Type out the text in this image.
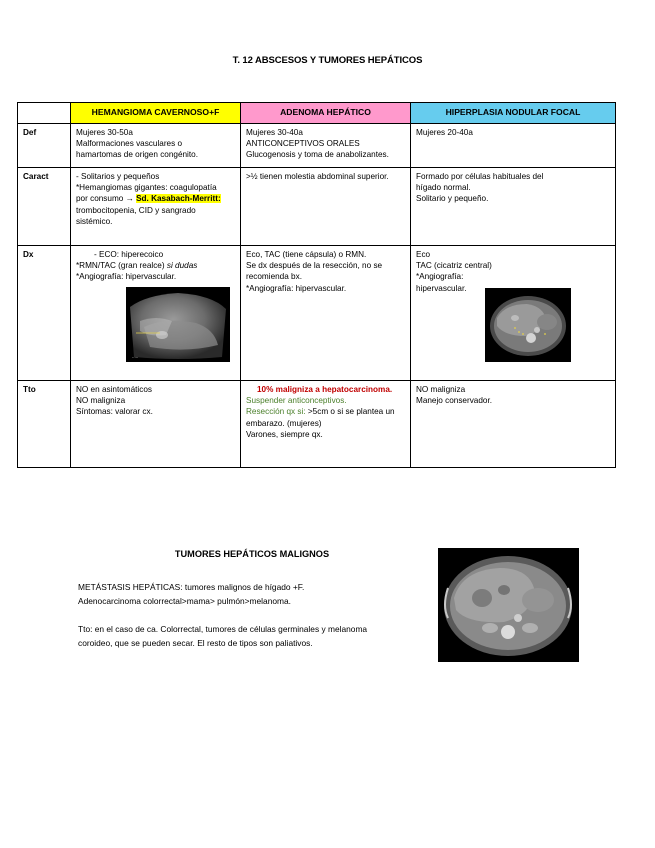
T. 12 ABSCESOS Y TUMORES HEPÁTICOS
	HEMANGIOMA CAVERNOSO+F	ADENOMA HEPÁTICO	HIPERPLASIA NODULAR FOCAL
Def	Mujeres 30-50a
Malformaciones vasculares o
hamartomas de origen congénito.	Mujeres 30-40a
ANTICONCEPTIVOS ORALES
Glucogenosis y toma de anabolizantes.	Mujeres 20-40a

Caract	- Solitarios y pequeños
*Hemangiomas gigantes: coagulopatía
por consumo → Sd. Kasabach-Merritt:
trombocitopenia, CID y sangrado
sistémico.	>½ tienen molestia abdominal superior.	Formado por células habituales del
hígado normal.
Solitario y pequeño.

Dx	- ECO: hiperecoico
*RMN/TAC (gran realce) si dudas
*Angiografía: hipervascular.
·····	Eco, TAC (tiene cápsula) o RMN.
Se dx después de la resección, no se
recomienda bx.
*Angiografía: hipervascular.	Eco
TAC (cicatriz central)
*Angiografía:
hipervascular.

Tto	NO en asintomáticos
NO maligniza
Síntomas: valorar cx.	10% maligniza a hepatocarcinoma.
Suspender anticonceptivos.
Resección qx si: >5cm o si se plantea un
embarazo. (mujeres)
Varones, siempre qx.	NO maligniza
Manejo conservador.
TUMORES HEPÁTICOS MALIGNOS

METÁSTASIS HEPÁTICAS: tumores malignos de hígado +F.
Adenocarcinoma colorrectal>mama> pulmón>melanoma.

Tto: en el caso de ca. Colorrectal, tumores de células germinales y melanoma
coroideo, que se pueden secar. El resto de tipos son paliativos.
